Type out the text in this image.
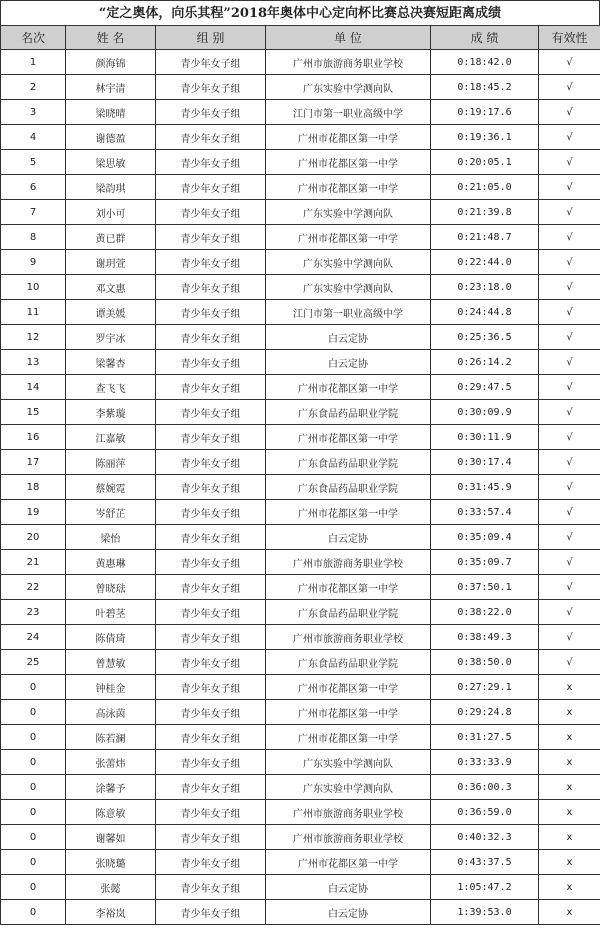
“定之奥体，向乐其程”2018年奥体中心定向杯比赛总决赛短距离成绩
名次	姓 名	组 别	单 位	成 绩	有效性
1	颜海锦	青少年女子组	广州市旅游商务职业学校	0:18:42.0	√
2	林宇清	青少年女子组	广东实验中学测向队	0:18:45.2	√
3	梁晓晴	青少年女子组	江门市第一职业高级中学	0:19:17.6	√
4	谢德盈	青少年女子组	广州市花都区第一中学	0:19:36.1	√
5	梁思敏	青少年女子组	广州市花都区第一中学	0:20:05.1	√
6	梁韵琪	青少年女子组	广州市花都区第一中学	0:21:05.0	√
7	刘小可	青少年女子组	广东实验中学测向队	0:21:39.8	√
8	黄已群	青少年女子组	广州市花都区第一中学	0:21:48.7	√
9	谢玥萱	青少年女子组	广东实验中学测向队	0:22:44.0	√
10	邓文惠	青少年女子组	广东实验中学测向队	0:23:18.0	√
11	谭美媛	青少年女子组	江门市第一职业高级中学	0:24:44.8	√
12	罗宇冰	青少年女子组	白云定协	0:25:36.5	√
13	梁馨杏	青少年女子组	白云定协	0:26:14.2	√
14	查飞飞	青少年女子组	广州市花都区第一中学	0:29:47.5	√
15	李紫璇	青少年女子组	广东食品药品职业学院	0:30:09.9	√
16	江嘉敏	青少年女子组	广州市花都区第一中学	0:30:11.9	√
17	陈丽萍	青少年女子组	广东食品药品职业学院	0:30:17.4	√
18	蔡婉霓	青少年女子组	广东食品药品职业学院	0:31:45.9	√
19	岑舒芷	青少年女子组	广州市花都区第一中学	0:33:57.4	√
20	梁怡	青少年女子组	白云定协	0:35:09.4	√
21	黄惠琳	青少年女子组	广州市旅游商务职业学校	0:35:09.7	√
22	曾晓琺	青少年女子组	广州市花都区第一中学	0:37:50.1	√
23	叶碧茎	青少年女子组	广东食品药品职业学院	0:38:22.0	√
24	陈倩琦	青少年女子组	广州市旅游商务职业学校	0:38:49.3	√
25	曾慧敏	青少年女子组	广东食品药品职业学院	0:38:50.0	√
0	钟桂金	青少年女子组	广州市花都区第一中学	0:27:29.1	x
0	高泳茵	青少年女子组	广州市花都区第一中学	0:29:24.8	x
0	陈若澜	青少年女子组	广州市花都区第一中学	0:31:27.5	x
0	张蕾炜	青少年女子组	广东实验中学测向队	0:33:33.9	x
0	涂馨予	青少年女子组	广东实验中学测向队	0:36:00.3	x
0	陈意敏	青少年女子组	广州市旅游商务职业学校	0:36:59.0	x
0	谢馨如	青少年女子组	广州市旅游商务职业学校	0:40:32.3	x
0	张晓璐	青少年女子组	广州市花都区第一中学	0:43:37.5	x
0	张懿	青少年女子组	白云定协	1:05:47.2	x
0	李裕岚	青少年女子组	白云定协	1:39:53.0	x
